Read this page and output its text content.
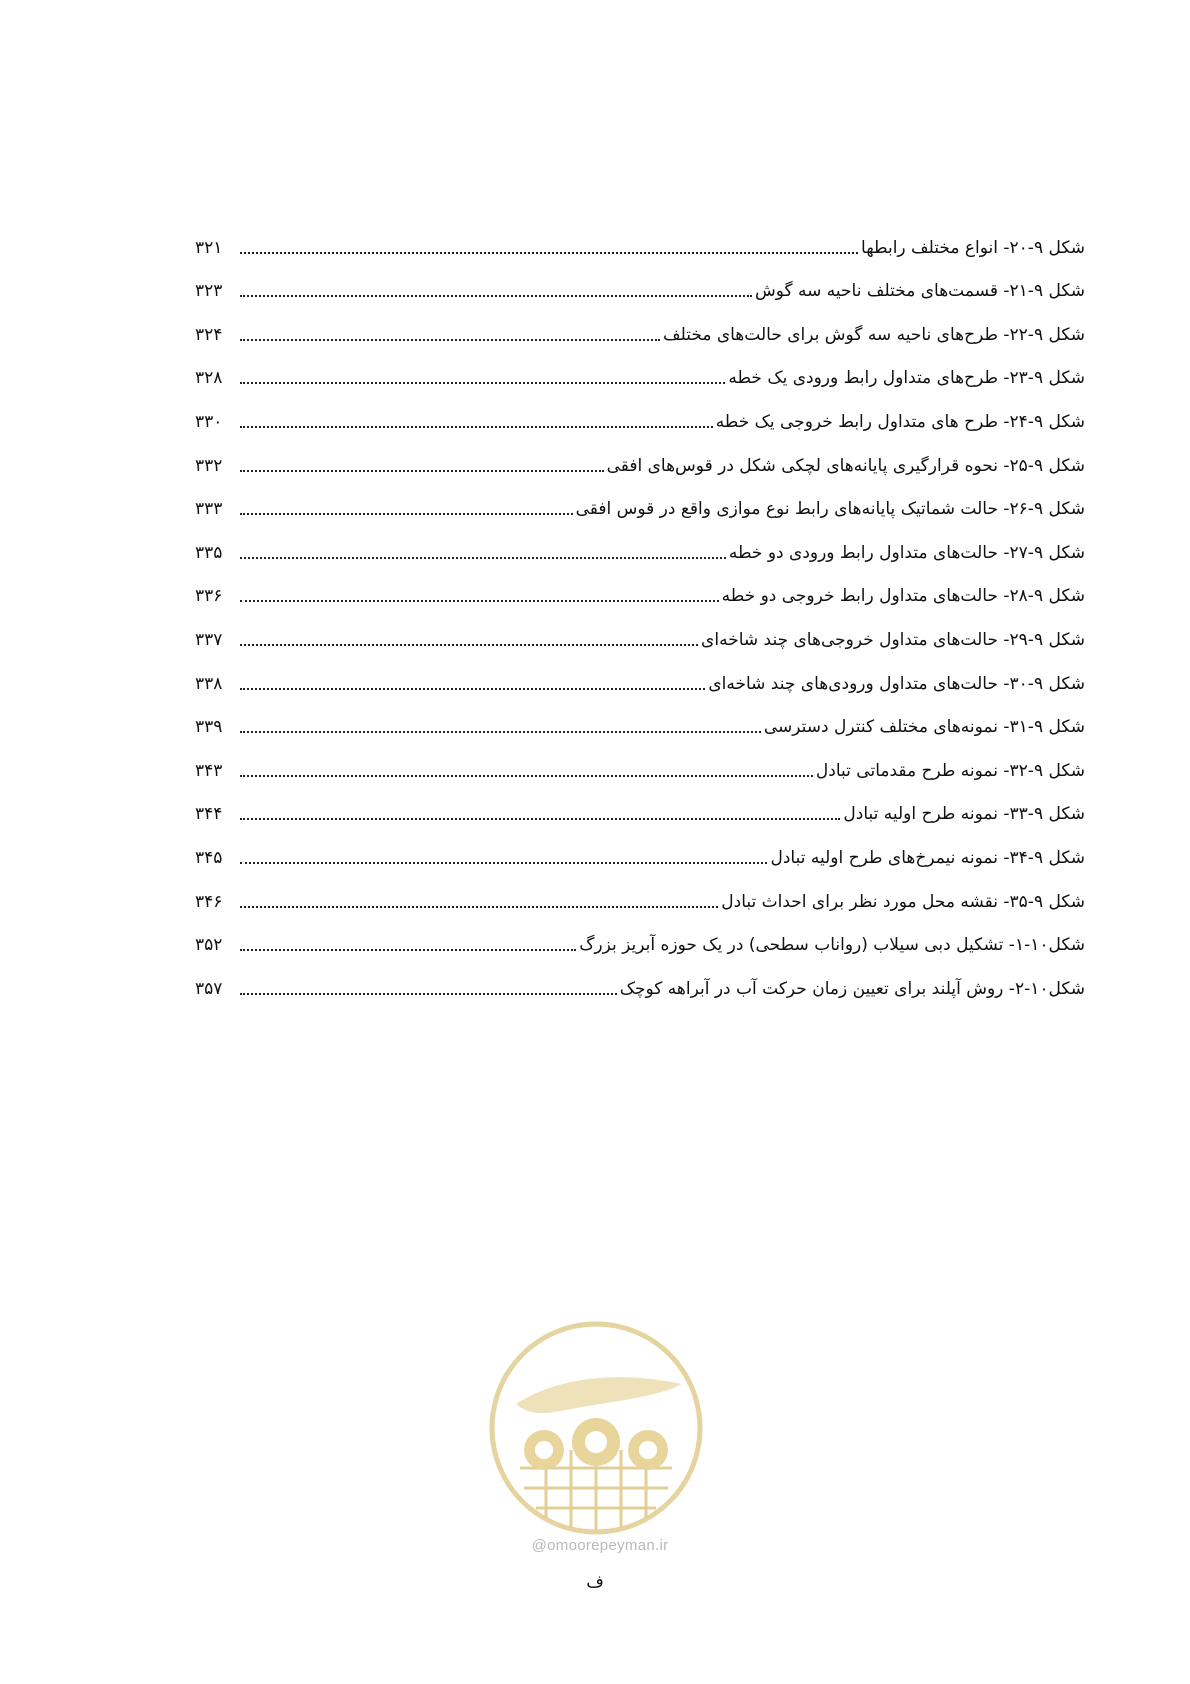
شکل ۹-۲۰- انواع مختلف رابطها
۳۲۱
شکل ۹-۲۱- قسمت‌های مختلف ناحیه سه گوش
۳۲۳
شکل ۹-۲۲- طرح‌های ناحیه سه گوش برای حالت‌های مختلف
۳۲۴
شکل ۹-۲۳- طرح‌های متداول رابط ورودی یک خطه
۳۲۸
شکل ۹-۲۴- طرح های متداول رابط خروجی یک خطه
۳۳۰
شکل ۹-۲۵- نحوه قرارگیری پایانه‌های لچکی شکل در قوس‌های افقی
۳۳۲
شکل ۹-۲۶- حالت شماتیک پایانه‌های رابط نوع موازی واقع در قوس افقی
۳۳۳
شکل ۹-۲۷- حالت‌های متداول رابط ورودی دو خطه
۳۳۵
شکل ۹-۲۸- حالت‌های متداول رابط خروجی دو خطه
۳۳۶
شکل ۹-۲۹- حالت‌های متداول خروجی‌های چند شاخه‌ای
۳۳۷
شکل ۹-۳۰- حالت‌های متداول ورودی‌های چند شاخه‌ای
۳۳۸
شکل ۹-۳۱- نمونه‌های مختلف کنترل دسترسی
۳۳۹
شکل ۹-۳۲- نمونه طرح مقدماتی تبادل
۳۴۳
شکل ۹-۳۳- نمونه طرح اولیه تبادل
۳۴۴
شکل ۹-۳۴- نمونه نیمرخ‌های طرح اولیه تبادل
۳۴۵
شکل ۹-۳۵- نقشه محل مورد نظر برای احداث تبادل
۳۴۶
شکل۱۰-۱- تشکیل دبی سیلاب (رواناب سطحی) در یک حوزه آبریز بزرگ
۳۵۲
شکل۱۰-۲- روش آپلند برای تعیین زمان حرکت آب در آبراهه کوچک
۳۵۷
@omoorepeyman.ir
ف
